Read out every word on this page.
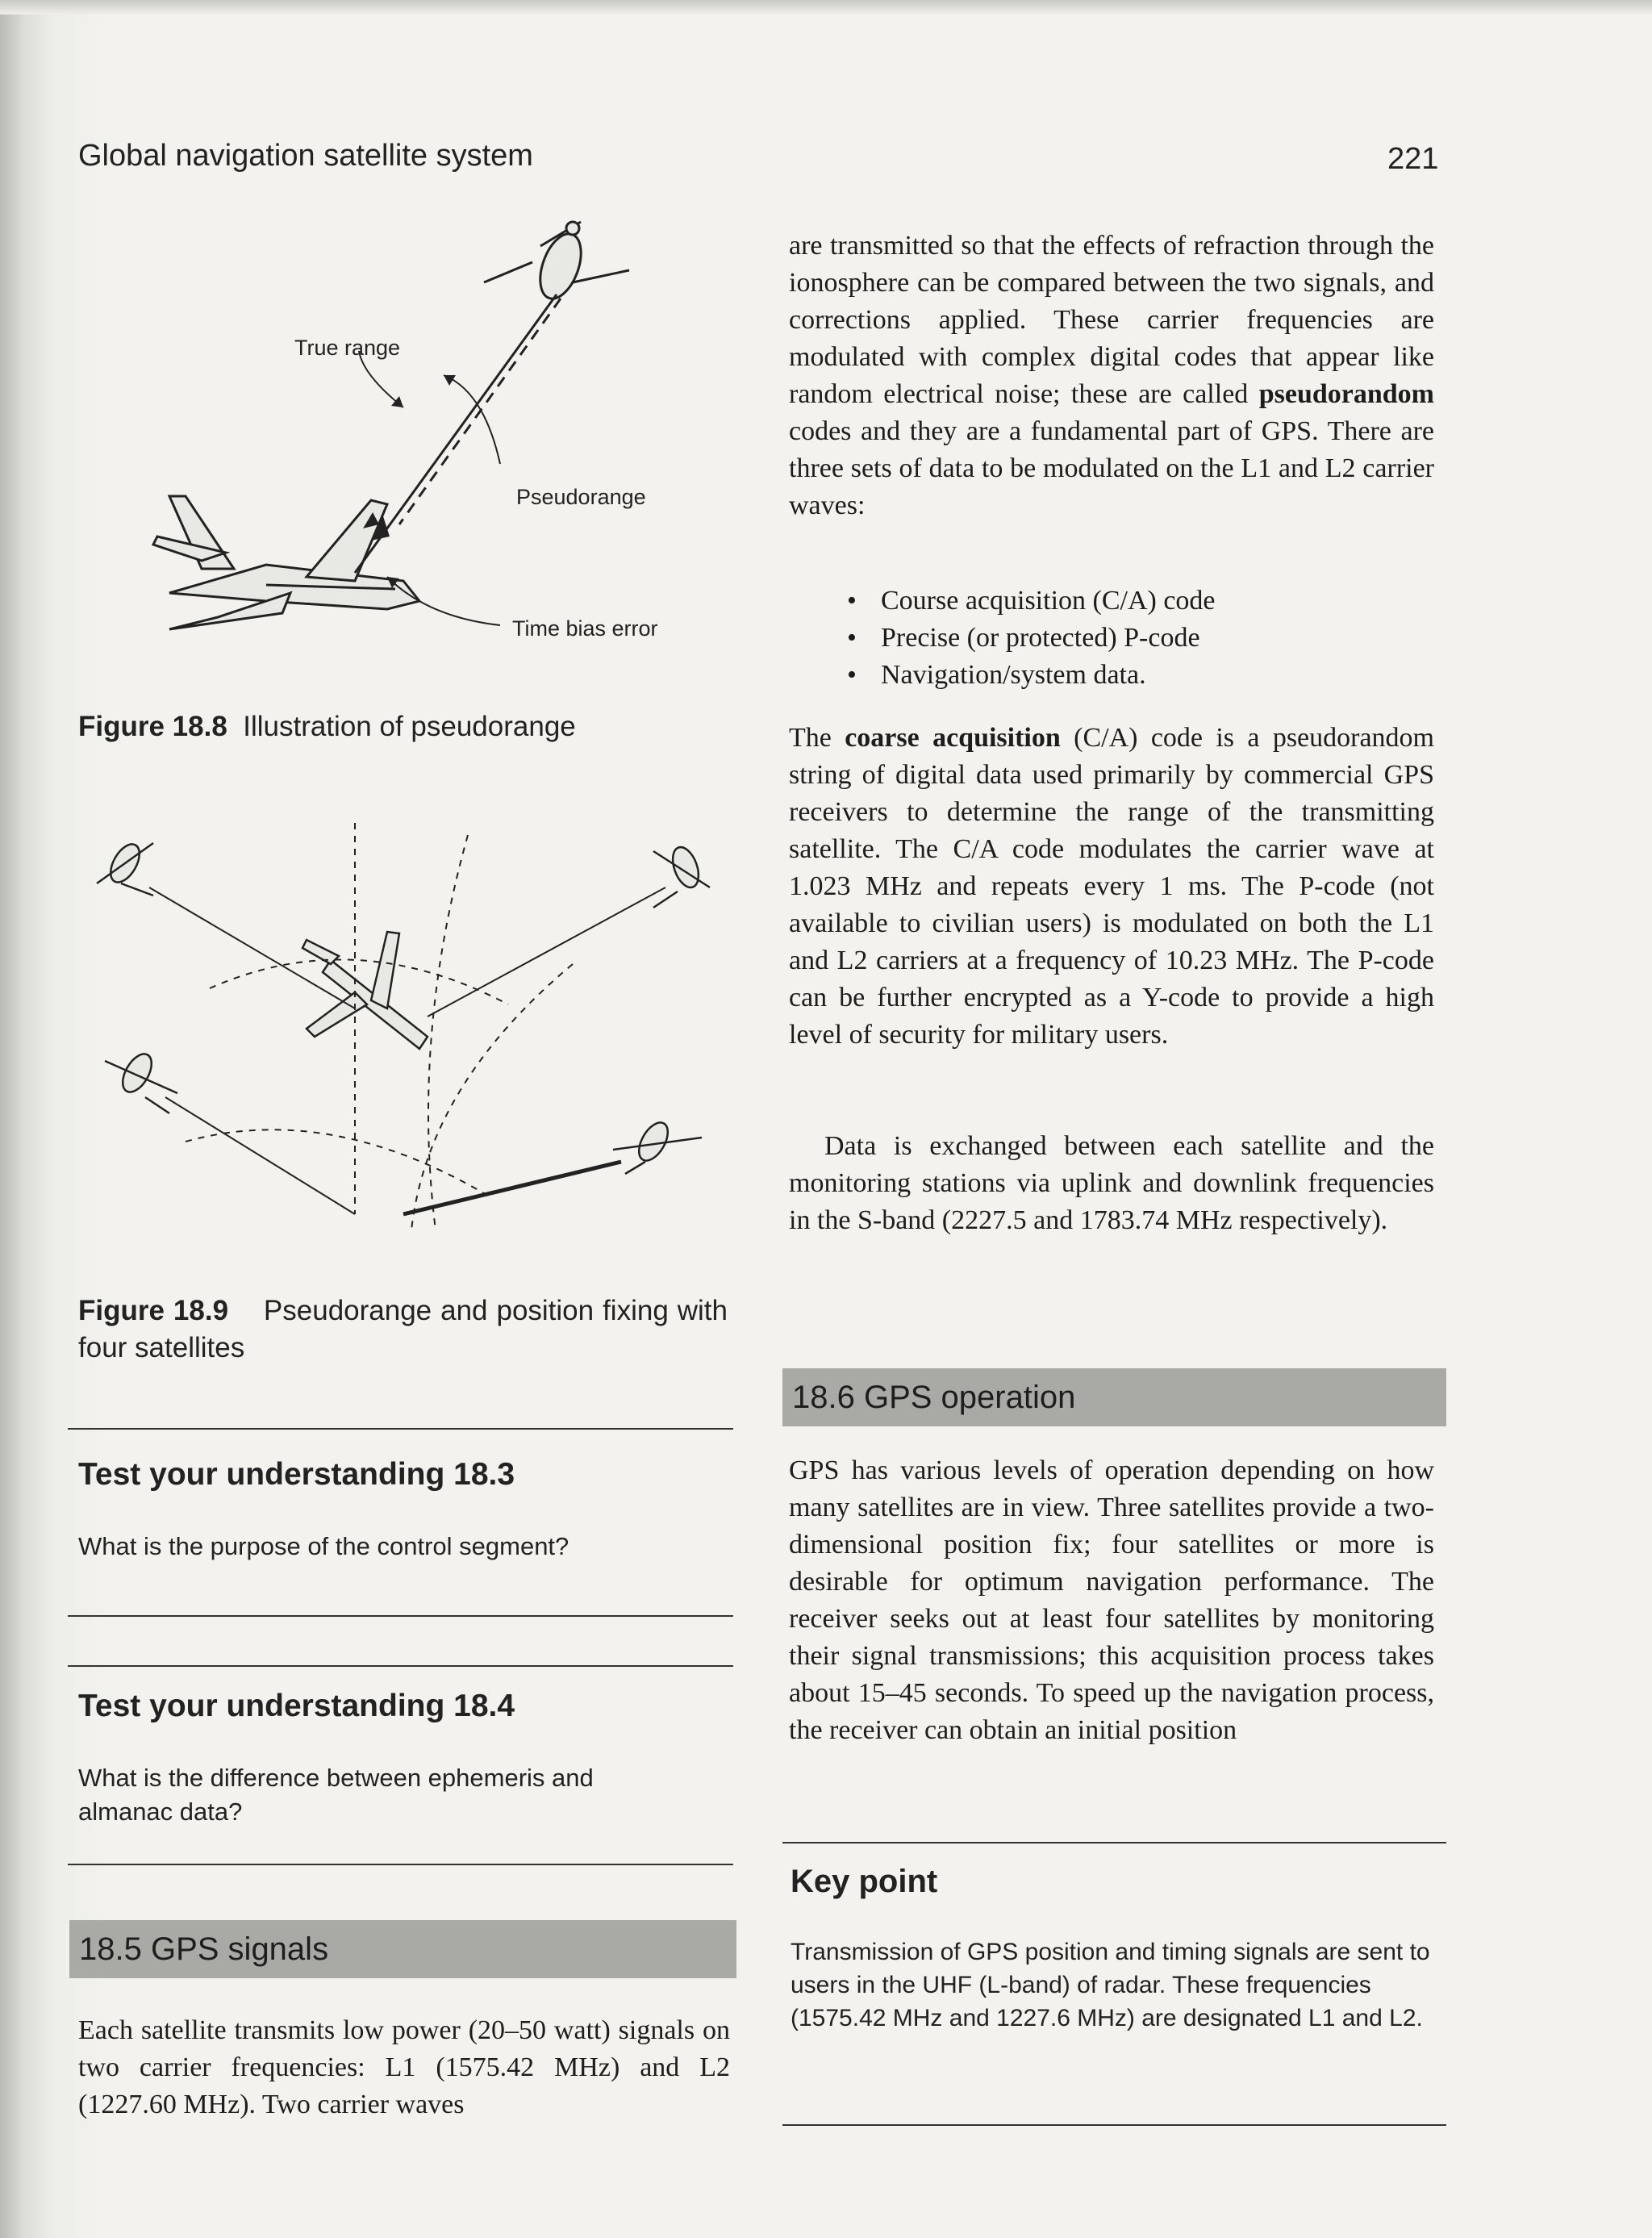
Global navigation satellite system	221
True range
Pseudorange
Time bias error
Figure 18.8 Illustration of pseudorange
Figure 18.9 Pseudorange and position fixing with four satellites
Test your understanding 18.3
What is the purpose of the control segment?
Test your understanding 18.4
What is the difference between ephemeris and almanac data?
18.5 GPS signals
Each satellite transmits low power (20–50 watt) signals on two carrier frequencies: L1 (1575.42 MHz) and L2 (1227.60 MHz). Two carrier waves

are transmitted so that the effects of refraction through the ionosphere can be compared between the two signals, and corrections applied. These carrier frequencies are modulated with complex digital codes that appear like random electrical noise; these are called pseudorandom codes and they are a fundamental part of GPS. There are three sets of data to be modulated on the L1 and L2 carrier waves:

• Course acquisition (C/A) code
• Precise (or protected) P-code
• Navigation/system data.

The coarse acquisition (C/A) code is a pseudorandom string of digital data used primarily by commercial GPS receivers to determine the range of the transmitting satellite. The C/A code modulates the carrier wave at 1.023 MHz and repeats every 1 ms. The P-code (not available to civilian users) is modulated on both the L1 and L2 carriers at a frequency of 10.23 MHz. The P-code can be further encrypted as a Y-code to provide a high level of security for military users.

Data is exchanged between each satellite and the monitoring stations via uplink and downlink frequencies in the S-band (2227.5 and 1783.74 MHz respectively).
18.6 GPS operation
GPS has various levels of operation depending on how many satellites are in view. Three satellites provide a two-dimensional position fix; four satellites or more is desirable for optimum navigation performance. The receiver seeks out at least four satellites by monitoring their signal transmissions; this acquisition process takes about 15–45 seconds. To speed up the navigation process, the receiver can obtain an initial position
Key point
Transmission of GPS position and timing signals are sent to users in the UHF (L-band) of radar. These frequencies (1575.42 MHz and 1227.6 MHz) are designated L1 and L2.
